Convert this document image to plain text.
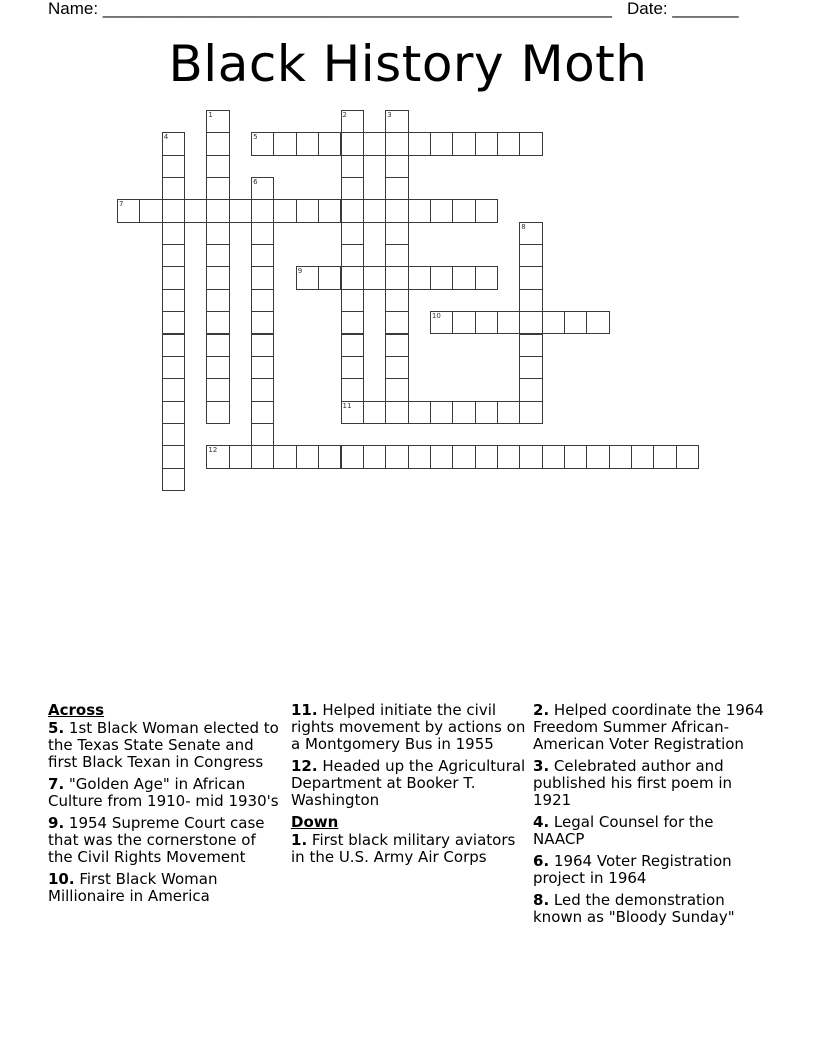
Name: _______________________________________________________ Date: _______
Black History Moth
1	2
11
3
4	5
6
7
8
9
10
12
Across
5. 1st Black Woman elected to the Texas State Senate and first Black Texan in Congress
7. "Golden Age" in African Culture from 1910- mid 1930's
9. 1954 Supreme Court case that was the cornerstone of the Civil Rights Movement
10. First Black Woman Millionaire in America
11. Helped initiate the civil rights movement by actions on a Montgomery Bus in 1955
12. Headed up the Agricultural Department at Booker T. Washington
Down
1. First black military aviators in the U.S. Army Air Corps
2. Helped coordinate the 1964 Freedom Summer African-American Voter Registration
3. Celebrated author and published his first poem in 1921
4. Legal Counsel for the NAACP
6. 1964 Voter Registration project in 1964
8. Led the demonstration known as "Bloody Sunday"
